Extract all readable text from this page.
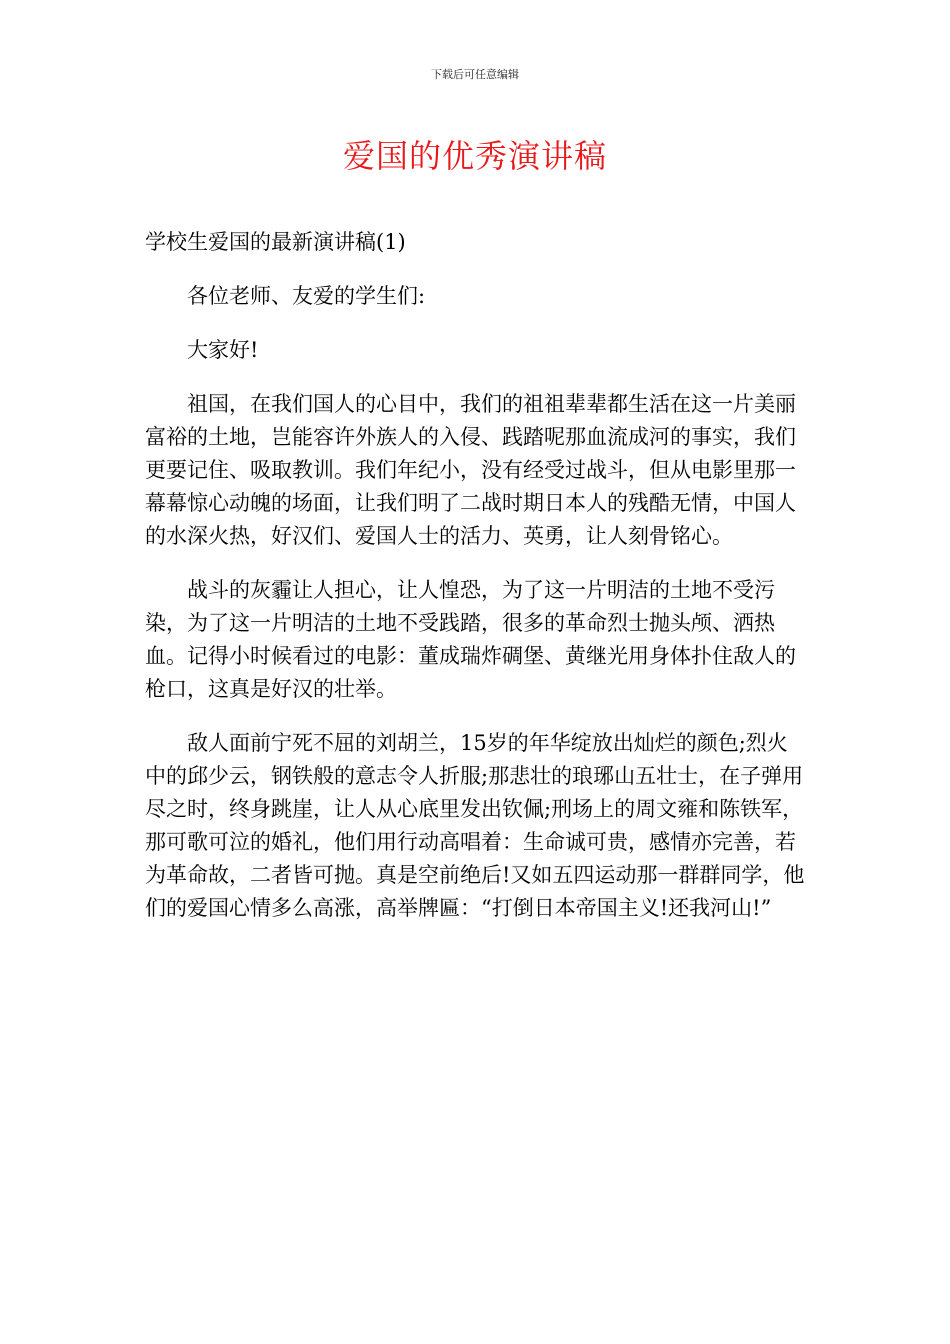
下载后可任意编辑
爱国的优秀演讲稿

学校生爱国的最新演讲稿(1)

各位老师、友爱的学生们:

大家好!

祖国，在我们国人的心目中，我们的祖祖辈辈都生活在这一片美丽富裕的土地，岂能容许外族人的入侵、践踏呢那血流成河的事实，我们更要记住、吸取教训。我们年纪小，没有经受过战斗，但从电影里那一幕幕惊心动魄的场面，让我们明了二战时期日本人的残酷无情，中国人的水深火热，好汉们、爱国人士的活力、英勇，让人刻骨铭心。

战斗的灰霾让人担心，让人惶恐，为了这一片明洁的土地不受污染，为了这一片明洁的土地不受践踏，很多的革命烈士抛头颅、洒热血。记得小时候看过的电影：董成瑞炸碉堡、黄继光用身体扑住敌人的枪口，这真是好汉的壮举。

敌人面前宁死不屈的刘胡兰，15岁的年华绽放出灿烂的颜色;烈火中的邱少云，钢铁般的意志令人折服;那悲壮的琅琊山五壮士，在子弹用尽之时，终身跳崖，让人从心底里发出钦佩;刑场上的周文雍和陈铁军，那可歌可泣的婚礼，他们用行动高唱着：生命诚可贵，感情亦完善，若为革命故，二者皆可抛。真是空前绝后!又如五四运动那一群群同学，他们的爱国心情多么高涨，高举牌匾：“打倒日本帝国主义!还我河山!”
